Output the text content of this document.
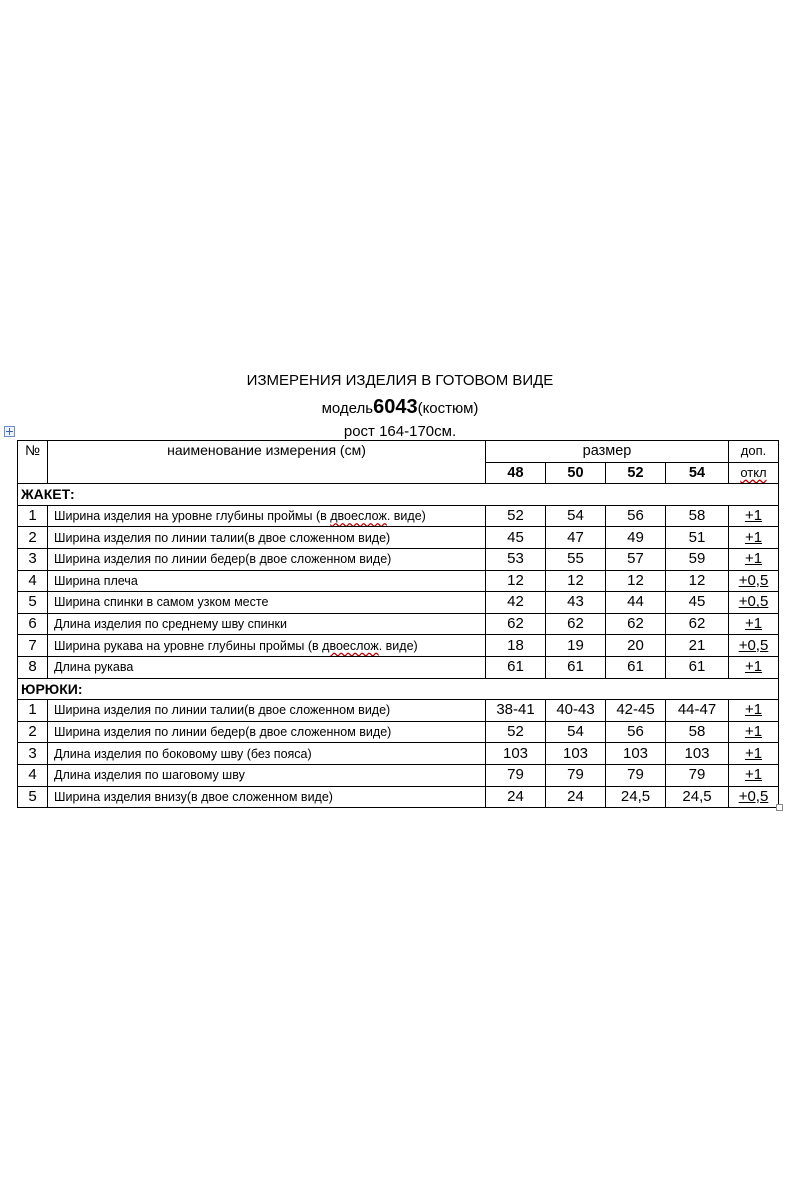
ИЗМЕРЕНИЯ ИЗДЕЛИЯ В ГОТОВОМ ВИДЕ
модель6043(костюм)
рост 164-170см.
№	наименование измерения (см)	размер				доп.
		48	50	52	54	откл
ЖАКЕТ:						
1	Ширина изделия на уровне глубины проймы (в двоеслож. виде)	52	54	56	58	+1
2	Ширина изделия по линии талии(в двое сложенном виде)	45	47	49	51	+1
3	Ширина изделия по линии бедер(в двое сложенном виде)	53	55	57	59	+1
4	Ширина плеча	12	12	12	12	+0,5
5	Ширина спинки в самом узком месте	42	43	44	45	+0,5
6	Длина изделия по среднему шву спинки	62	62	62	62	+1
7	Ширина рукава на уровне глубины проймы (в двоеслож. виде)	18	19	20	21	+0,5
8	Длина рукава	61	61	61	61	+1
ЮРЮКИ:						
1	Ширина изделия по линии талии(в двое сложенном виде)	38-41	40-43	42-45	44-47	+1
2	Ширина изделия по линии бедер(в двое сложенном виде)	52	54	56	58	+1
3	Длина изделия по боковому шву (без пояса)	103	103	103	103	+1
4	Длина изделия по шаговому шву	79	79	79	79	+1
5	Ширина изделия внизу(в двое сложенном виде)	24	24	24,5	24,5	+0,5
